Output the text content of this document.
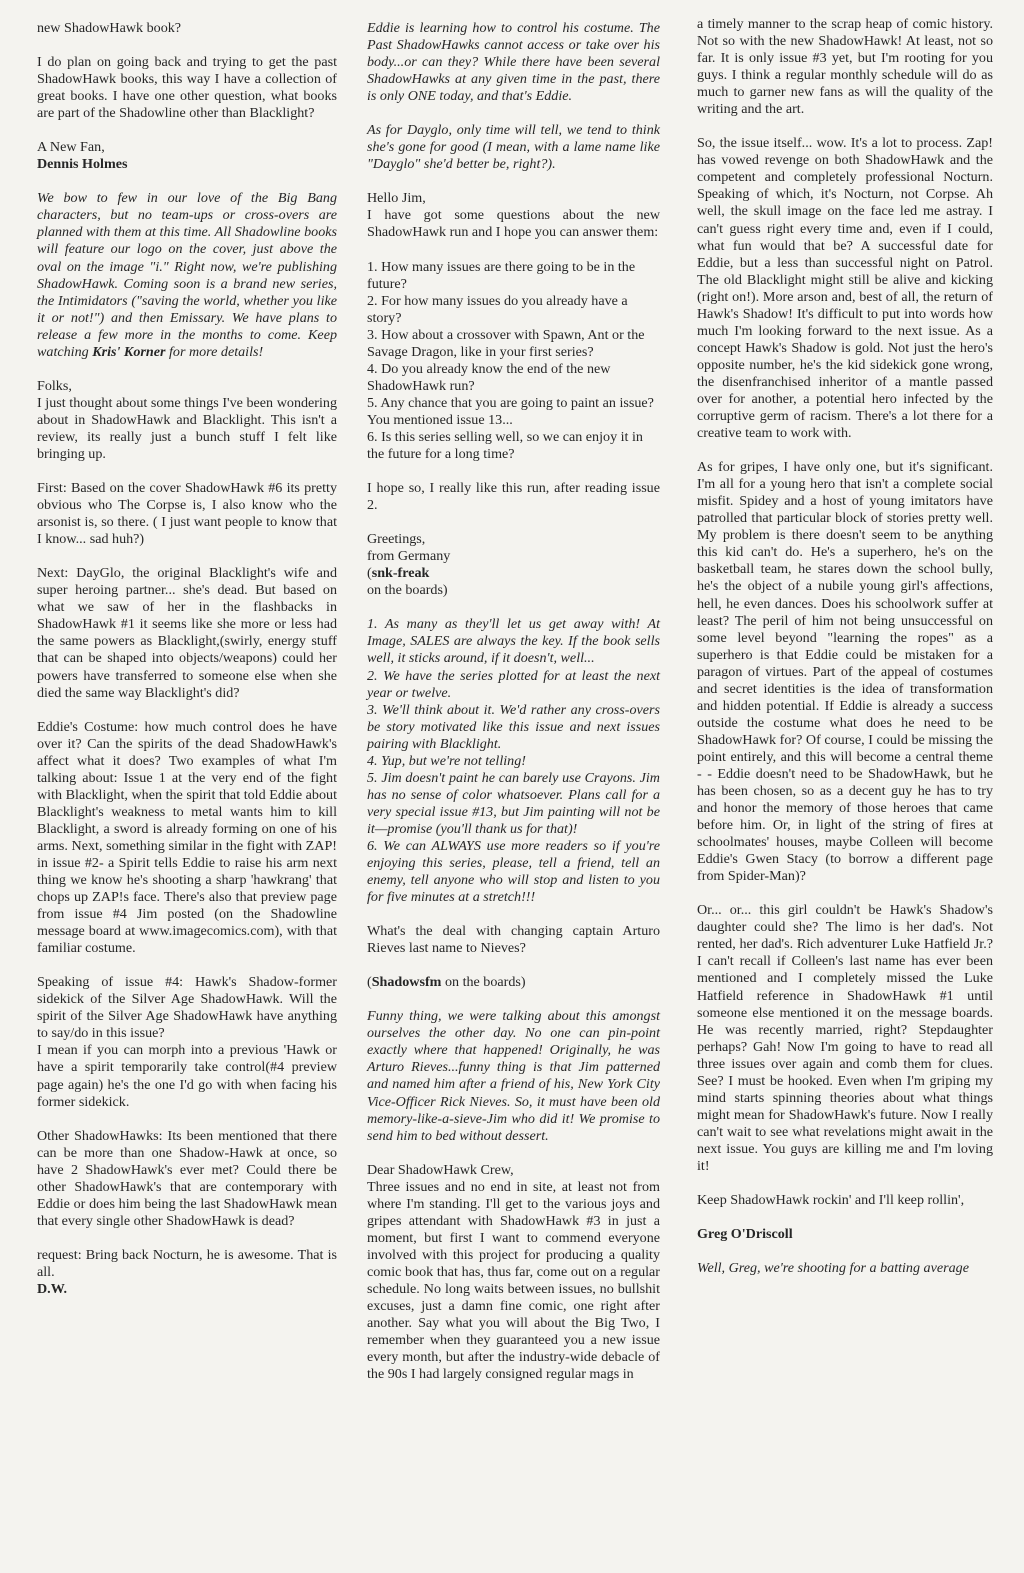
new ShadowHawk book?

I do plan on going back and trying to get the past ShadowHawk books, this way I have a collection of great books. I have one other question, what books are part of the Shadowline other than Blacklight?

A New Fan,
Dennis Holmes

We bow to few in our love of the Big Bang characters, but no team-ups or cross-overs are planned with them at this time. All Shadowline books will feature our logo on the cover, just above the oval on the image "i." Right now, we're publishing ShadowHawk. Coming soon is a brand new series, the Intimidators ("saving the world, whether you like it or not!") and then Emissary. We have plans to release a few more in the months to come. Keep watching Kris' Korner for more details!

Folks,
I just thought about some things I've been wondering about in ShadowHawk and Blacklight. This isn't a review, its really just a bunch stuff I felt like bringing up.

First: Based on the cover ShadowHawk #6 its pretty obvious who The Corpse is, I also know who the arsonist is, so there. ( I just want people to know that I know... sad huh?)

Next: DayGlo, the original Blacklight's wife and super heroing partner... she's dead. But based on what we saw of her in the flashbacks in ShadowHawk #1 it seems like she more or less had the same powers as Blacklight,(swirly, energy stuff that can be shaped into objects/weapons) could her powers have transferred to someone else when she died the same way Blacklight's did?

Eddie's Costume: how much control does he have over it? Can the spirits of the dead ShadowHawk's affect what it does? Two examples of what I'm talking about: Issue 1 at the very end of the fight with Blacklight, when the spirit that told Eddie about Blacklight's weakness to metal wants him to kill Blacklight, a sword is already forming on one of his arms. Next, something similar in the fight with ZAP! in issue #2- a Spirit tells Eddie to raise his arm next thing we know he's shooting a sharp 'hawkrang' that chops up ZAP!s face. There's also that preview page from issue #4 Jim posted (on the Shadowline message board at www.imagecomics.com), with that familiar costume.

Speaking of issue #4: Hawk's Shadow-former sidekick of the Silver Age ShadowHawk. Will the spirit of the Silver Age ShadowHawk have anything to say/do in this issue?
I mean if you can morph into a previous 'Hawk or have a spirit temporarily take control(#4 preview page again) he's the one I'd go with when facing his former sidekick.

Other ShadowHawks: Its been mentioned that there can be more than one Shadow-Hawk at once, so have 2 ShadowHawk's ever met? Could there be other ShadowHawk's that are contemporary with Eddie or does him being the last ShadowHawk mean that every single other ShadowHawk is dead?

request: Bring back Nocturn, he is awesome. That is all.
D.W.

Eddie is learning how to control his costume. The Past ShadowHawks cannot access or take over his body...or can they? While there have been several ShadowHawks at any given time in the past, there is only ONE today, and that's Eddie.

As for Dayglo, only time will tell, we tend to think she's gone for good (I mean, with a lame name like "Dayglo" she'd better be, right?).

Hello Jim,
I have got some questions about the new ShadowHawk run and I hope you can answer them:

1. How many issues are there going to be in the future?
2. For how many issues do you already have a story?
3. How about a crossover with Spawn, Ant or the Savage Dragon, like in your first series?
4. Do you already know the end of the new ShadowHawk run?
5. Any chance that you are going to paint an issue? You mentioned issue 13...
6. Is this series selling well, so we can enjoy it in the future for a long time?

I hope so, I really like this run, after reading issue 2.

Greetings,
from Germany
(snk-freak
on the boards)

1. As many as they'll let us get away with! At Image, SALES are always the key. If the book sells well, it sticks around, if it doesn't, well...
2. We have the series plotted for at least the next year or twelve.
3. We'll think about it. We'd rather any cross-overs be story motivated like this issue and next issues pairing with Blacklight.
4. Yup, but we're not telling!
5. Jim doesn't paint he can barely use Crayons. Jim has no sense of color whatsoever. Plans call for a very special issue #13, but Jim painting will not be it—promise (you'll thank us for that)!
6. We can ALWAYS use more readers so if you're enjoying this series, please, tell a friend, tell an enemy, tell anyone who will stop and listen to you for five minutes at a stretch!!!

What's the deal with changing captain Arturo Rieves last name to Nieves?

(Shadowsfm on the boards)

Funny thing, we were talking about this amongst ourselves the other day. No one can pin-point exactly where that happened! Originally, he was Arturo Rieves...funny thing is that Jim patterned and named him after a friend of his, New York City Vice-Officer Rick Nieves. So, it must have been old memory-like-a-sieve-Jim who did it! We promise to send him to bed without dessert.

Dear ShadowHawk Crew,
Three issues and no end in site, at least not from where I'm standing. I'll get to the various joys and gripes attendant with ShadowHawk #3 in just a moment, but first I want to commend everyone involved with this project for producing a quality comic book that has, thus far, come out on a regular schedule. No long waits between issues, no bullshit excuses, just a damn fine comic, one right after another. Say what you will about the Big Two, I remember when they guaranteed you a new issue every month, but after the industry-wide debacle of the 90s I had largely consigned regular mags in

a timely manner to the scrap heap of comic history. Not so with the new ShadowHawk! At least, not so far. It is only issue #3 yet, but I'm rooting for you guys. I think a regular monthly schedule will do as much to garner new fans as will the quality of the writing and the art.

So, the issue itself... wow. It's a lot to process. Zap! has vowed revenge on both ShadowHawk and the competent and completely professional Nocturn. Speaking of which, it's Nocturn, not Corpse. Ah well, the skull image on the face led me astray. I can't guess right every time and, even if I could, what fun would that be? A successful date for Eddie, but a less than successful night on Patrol. The old Blacklight might still be alive and kicking (right on!). More arson and, best of all, the return of Hawk's Shadow! It's difficult to put into words how much I'm looking forward to the next issue. As a concept Hawk's Shadow is gold. Not just the hero's opposite number, he's the kid sidekick gone wrong, the disenfranchised inheritor of a mantle passed over for another, a potential hero infected by the corruptive germ of racism. There's a lot there for a creative team to work with.

As for gripes, I have only one, but it's significant. I'm all for a young hero that isn't a complete social misfit. Spidey and a host of young imitators have patrolled that particular block of stories pretty well. My problem is there doesn't seem to be anything this kid can't do. He's a superhero, he's on the basketball team, he stares down the school bully, he's the object of a nubile young girl's affections, hell, he even dances. Does his schoolwork suffer at least? The peril of him not being unsuccessful on some level beyond "learning the ropes" as a superhero is that Eddie could be mistaken for a paragon of virtues. Part of the appeal of costumes and secret identities is the idea of transformation and hidden potential. If Eddie is already a success outside the costume what does he need to be ShadowHawk for? Of course, I could be missing the point entirely, and this will become a central theme - - Eddie doesn't need to be ShadowHawk, but he has been chosen, so as a decent guy he has to try and honor the memory of those heroes that came before him. Or, in light of the string of fires at schoolmates' houses, maybe Colleen will become Eddie's Gwen Stacy (to borrow a different page from Spider-Man)?

Or... or... this girl couldn't be Hawk's Shadow's daughter could she? The limo is her dad's. Not rented, her dad's. Rich adventurer Luke Hatfield Jr.? I can't recall if Colleen's last name has ever been mentioned and I completely missed the Luke Hatfield reference in ShadowHawk #1 until someone else mentioned it on the message boards. He was recently married, right? Stepdaughter perhaps? Gah! Now I'm going to have to read all three issues over again and comb them for clues. See? I must be hooked. Even when I'm griping my mind starts spinning theories about what things might mean for ShadowHawk's future. Now I really can't wait to see what revelations might await in the next issue. You guys are killing me and I'm loving it!

Keep ShadowHawk rockin' and I'll keep rollin',

Greg O'Driscoll

Well, Greg, we're shooting for a batting average
